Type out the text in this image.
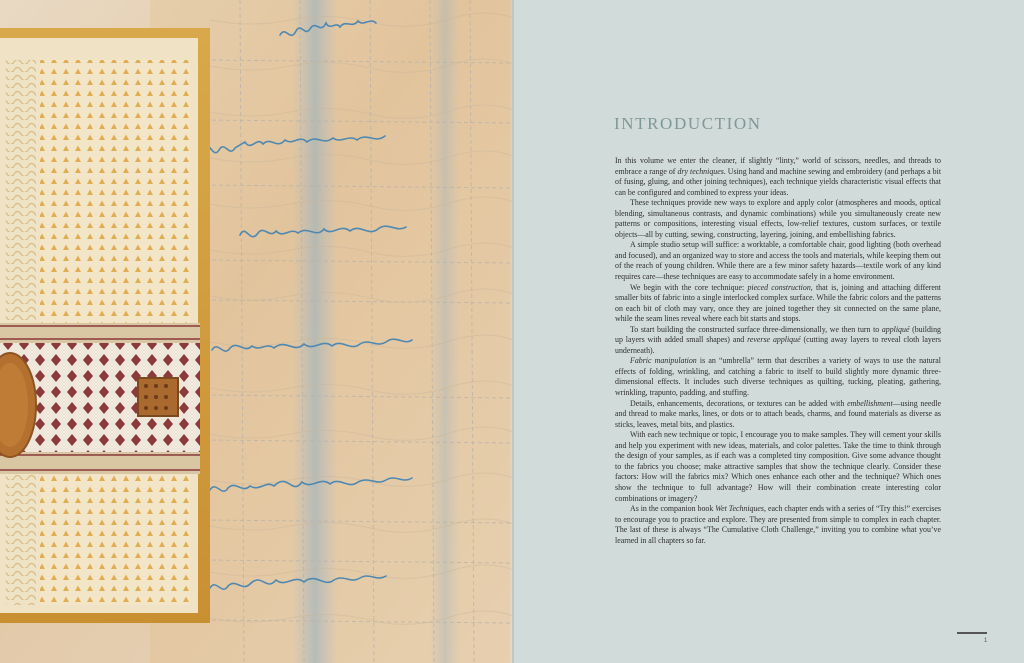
INTRODUCTION

In this volume we enter the cleaner, if slightly “linty,” world of scissors, needles, and threads to embrace a range of dry techniques. Using hand and machine sewing and embroidery (and perhaps a bit of fusing, gluing, and other joining techniques), each technique yields characteristic visual effects that can be configured and combined to express your ideas.

These techniques provide new ways to explore and apply color (atmospheres and moods, optical blending, simultaneous contrasts, and dynamic combinations) while you simultaneously create new patterns or compositions, interesting visual effects, low-relief textures, custom surfaces, or textile objects—all by cutting, sewing, constructing, layering, joining, and embellishing fabrics.

A simple studio setup will suffice: a worktable, a comfortable chair, good lighting (both overhead and focused), and an organized way to store and access the tools and materials, while keeping them out of the reach of young children. While there are a few minor safety hazards—textile work of any kind requires care—these techniques are easy to accommodate safely in a home environment.

We begin with the core technique: pieced construction, that is, joining and attaching different smaller bits of fabric into a single interlocked complex surface. While the fabric colors and the patterns on each bit of cloth may vary, once they are joined together they sit connected on the same plane, while the seam lines reveal where each bit starts and stops.

To start building the constructed surface three-dimensionally, we then turn to appliqué (building up layers with added small shapes) and reverse appliqué (cutting away layers to reveal cloth layers underneath).

Fabric manipulation is an “umbrella” term that describes a variety of ways to use the natural effects of folding, wrinkling, and catching a fabric to itself to build slightly more dynamic three-dimensional effects. It includes such diverse techniques as quilting, tucking, pleating, gathering, wrinkling, trapunto, padding, and stuffing.

Details, enhancements, decorations, or textures can be added with embellishment—using needle and thread to make marks, lines, or dots or to attach beads, charms, and found materials as diverse as sticks, leaves, metal bits, and plastics.

With each new technique or topic, I encourage you to make samples. They will cement your skills and help you experiment with new ideas, materials, and color palettes. Take the time to think through the design of your samples, as if each was a completed tiny composition. Give some advance thought to the fabrics you choose; make attractive samples that show the technique clearly. Consider these factors: How will the fabrics mix? Which ones enhance each other and the technique? Which ones show the technique to full advantage? How will their combination create interesting color combinations or imagery?

As in the companion book Wet Techniques, each chapter ends with a series of “Try this!” exercises to encourage you to practice and explore. They are presented from simple to complex in each chapter. The last of these is always “The Cumulative Cloth Challenge,” inviting you to combine what you’ve learned in all chapters so far.

1
